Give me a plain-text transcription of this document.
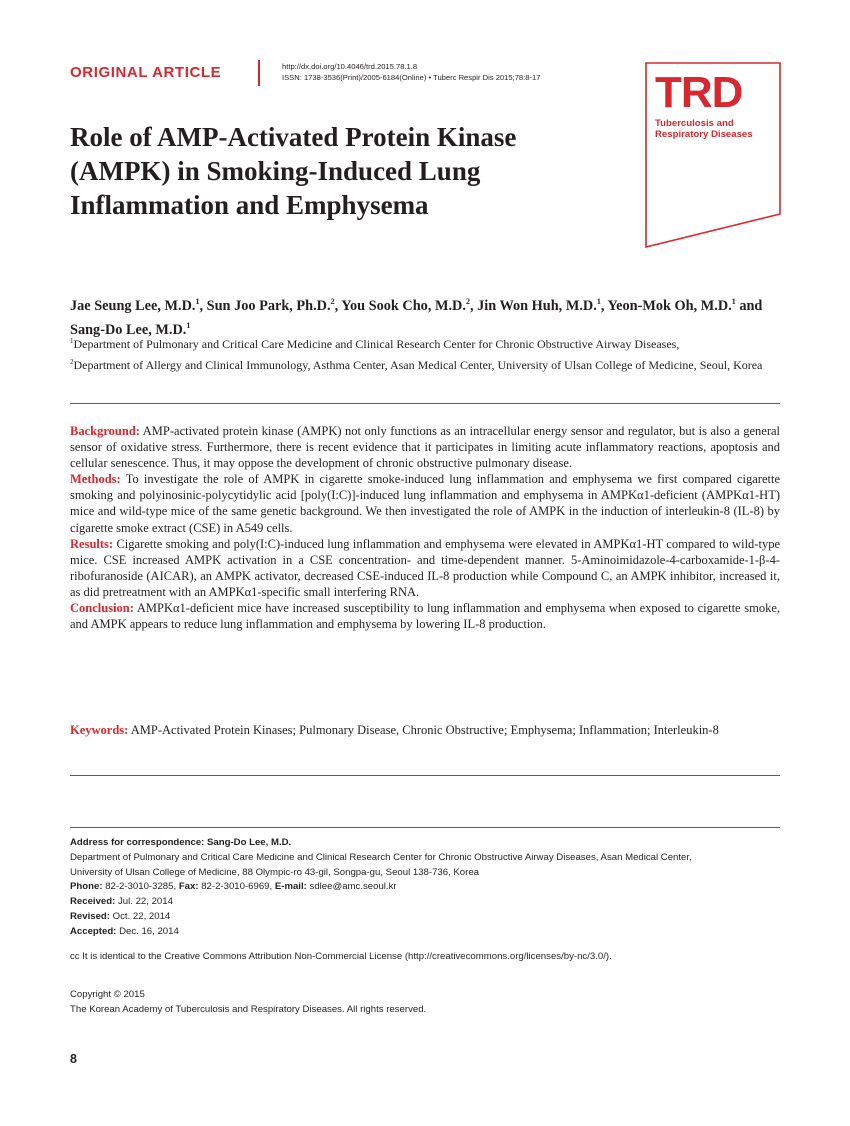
ORIGINAL ARTICLE	http://dx.doi.org/10.4046/trd.2015.78.1.8
ISSN: 1738-3536(Print)/2005-6184(Online) • Tuberc Respir Dis 2015;78:8-17	TRD
Tuberculosis and
Respiratory Diseases
Role of AMP-Activated Protein Kinase
(AMPK) in Smoking-Induced Lung
Inflammation and Emphysema
Jae Seung Lee, M.D.$^1$, Sun Joo Park, Ph.D.$^2$, You Sook Cho, M.D.$^2$, Jin Won Huh, M.D.$^1$, Yeon-Mok Oh, M.D.$^1$ and Sang-Do Lee, M.D.$^1$
$^1$Department of Pulmonary and Critical Care Medicine and Clinical Research Center for Chronic Obstructive Airway Diseases,
$^2$Department of Allergy and Clinical Immunology, Asthma Center, Asan Medical Center, University of Ulsan College of Medicine, Seoul, Korea

Background: AMP-activated protein kinase (AMPK) not only functions as an intracellular energy sensor and regulator, but is also a general sensor of oxidative stress. Furthermore, there is recent evidence that it participates in limiting acute inflammatory reactions, apoptosis and cellular senescence. Thus, it may oppose the development of chronic obstructive pulmonary disease.

Methods: To investigate the role of AMPK in cigarette smoke-induced lung inflammation and emphysema we first compared cigarette smoking and polyinosinic-polycytidylic acid [poly(I:C)]-induced lung inflammation and emphysema in AMPKα1-deficient (AMPKα1-HT) mice and wild-type mice of the same genetic background. We then investigated the role of AMPK in the induction of interleukin-8 (IL-8) by cigarette smoke extract (CSE) in A549 cells.

Results: Cigarette smoking and poly(I:C)-induced lung inflammation and emphysema were elevated in AMPKα1-HT compared to wild-type mice. CSE increased AMPK activation in a CSE concentration- and time-dependent manner. 5-Aminoimidazole-4-carboxamide-1-β-4-ribofuranoside (AICAR), an AMPK activator, decreased CSE-induced IL-8 production while Compound C, an AMPK inhibitor, increased it, as did pretreatment with an AMPKα1-specific small interfering RNA.

Conclusion: AMPKα1-deficient mice have increased susceptibility to lung inflammation and emphysema when exposed to cigarette smoke, and AMPK appears to reduce lung inflammation and emphysema by lowering IL-8 production.

Keywords: AMP-Activated Protein Kinases; Pulmonary Disease, Chronic Obstructive; Emphysema; Inflammation; Interleukin-8
Address for correspondence: Sang-Do Lee, M.D.
Department of Pulmonary and Critical Care Medicine and Clinical Research Center for Chronic Obstructive Airway Diseases, Asan Medical Center,
University of Ulsan College of Medicine, 88 Olympic-ro 43-gil, Songpa-gu, Seoul 138-736, Korea
Phone: 82-2-3010-3285, Fax: 82-2-3010-6969, E-mail: sdlee@amc.seoul.kr
Received: Jul. 22, 2014
Revised: Oct. 22, 2014
Accepted: Dec. 16, 2014
cc It is identical to the Creative Commons Attribution Non-Commercial License (http://creativecommons.org/licenses/by-nc/3.0/).
Copyright © 2015
The Korean Academy of Tuberculosis and Respiratory Diseases. All rights reserved.
8
